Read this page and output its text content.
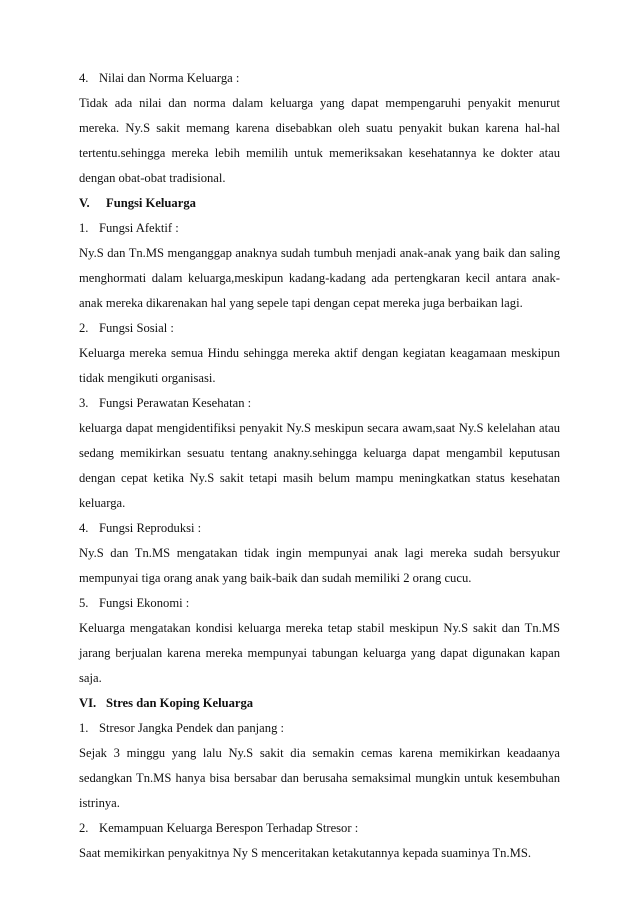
4. Nilai dan Norma Keluarga :

Tidak ada nilai dan norma dalam keluarga yang dapat mempengaruhi penyakit menurut mereka. Ny.S sakit memang karena disebabkan oleh suatu penyakit bukan karena hal-hal tertentu.sehingga mereka lebih memilih untuk memeriksakan kesehatannya ke dokter atau dengan obat-obat tradisional.

V. Fungsi Keluarga
1. Fungsi Afektif :

Ny.S dan Tn.MS menganggap anaknya sudah tumbuh menjadi anak-anak yang baik dan saling menghormati dalam keluarga,meskipun kadang-kadang ada pertengkaran kecil antara anak-anak mereka dikarenakan hal yang sepele tapi dengan cepat mereka juga berbaikan lagi.

2. Fungsi Sosial :

Keluarga mereka semua Hindu sehingga mereka aktif dengan kegiatan keagamaan meskipun tidak mengikuti organisasi.

3. Fungsi Perawatan Kesehatan :

keluarga dapat mengidentifiksi penyakit Ny.S meskipun secara awam,saat Ny.S kelelahan atau sedang memikirkan sesuatu tentang anakny.sehingga keluarga dapat mengambil keputusan dengan cepat ketika Ny.S sakit tetapi masih belum mampu meningkatkan status kesehatan keluarga.

4. Fungsi Reproduksi :

Ny.S dan Tn.MS mengatakan tidak ingin mempunyai anak lagi mereka sudah bersyukur mempunyai tiga orang anak yang baik-baik dan sudah memiliki 2 orang cucu.

5. Fungsi Ekonomi :

Keluarga mengatakan kondisi keluarga mereka tetap stabil meskipun Ny.S sakit dan Tn.MS jarang berjualan karena mereka mempunyai tabungan keluarga yang dapat digunakan kapan saja.

VI. Stres dan Koping Keluarga
1. Stresor Jangka Pendek dan panjang :

Sejak 3 minggu yang lalu Ny.S sakit dia semakin cemas karena memikirkan keadaanya sedangkan Tn.MS hanya bisa bersabar dan berusaha semaksimal mungkin untuk kesembuhan istrinya.

2. Kemampuan Keluarga Berespon Terhadap Stresor :

Saat memikirkan penyakitnya Ny S menceritakan ketakutannya kepada suaminya Tn.MS.
